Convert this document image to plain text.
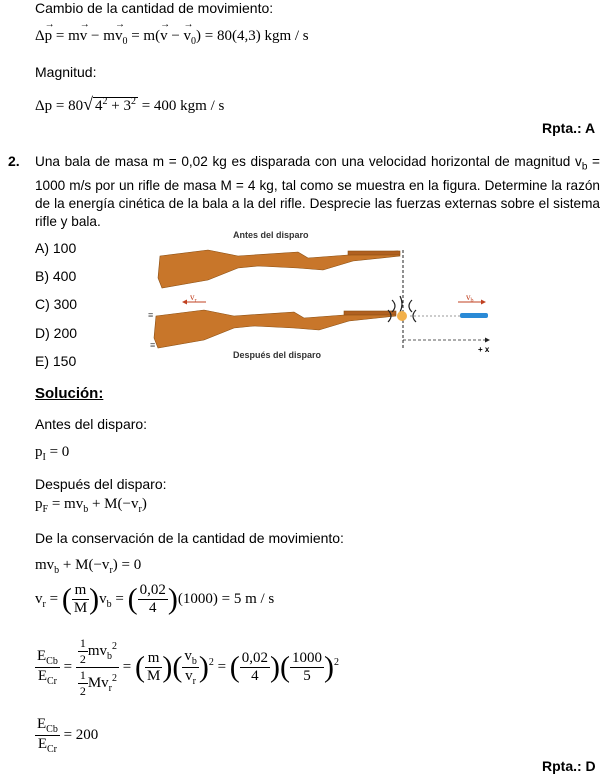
Cambio de la cantidad de movimiento:
Δp
→
= mv
→
− mv
→
$_0$ = m(v
→
− v
→
$_0$) = 80(4,3) kgm / s
Magnitud:
Δp = 80√ $4^2 + 3^2 = 400$ kgm / s
Rpta.: A
2. Una bala de masa m = 0,02 kg es disparada con una velocidad horizontal de magnitud $v_b = 1000$ m/s por un rifle de masa M = 4 kg, tal como se muestra en la figura. Determine la razón de la energía cinética de la bala a la del rifle. Desprecie las fuerzas externas sobre el sistema rifle y bala.
A) 100
B) 400
C) 300
D) 200
E) 150
Antes del disparo
$v_r$
≡
≡
$v_b$
+ x
Después del disparo
Solución:
Antes del disparo:
$p_I = 0$
Después del disparo:
$p_F = mv_b + M(-v_r)$
De la conservación de la cantidad de movimiento:
$mv_b + M(-v_r) = 0$
$v_r$ = ( $\frac{m}{M} )v_b$ = ( $\frac{0,02}{4} )(1000) = 5$ m / s
$\frac{E_{Cb}}{E_{Cr}} = \frac{\frac{1}{2} mv_b^2}{\frac{1}{2} Mv_r^2}$ = ( $\frac{m}{M}$ )( $\frac{v_b}{v_r} )^2$ = ( $\frac{0,02}{4}$ )( $\frac{1000}{5} )^2$
$\frac{E_{Cb}}{E_{Cr}} = 200$
Rpta.: D
